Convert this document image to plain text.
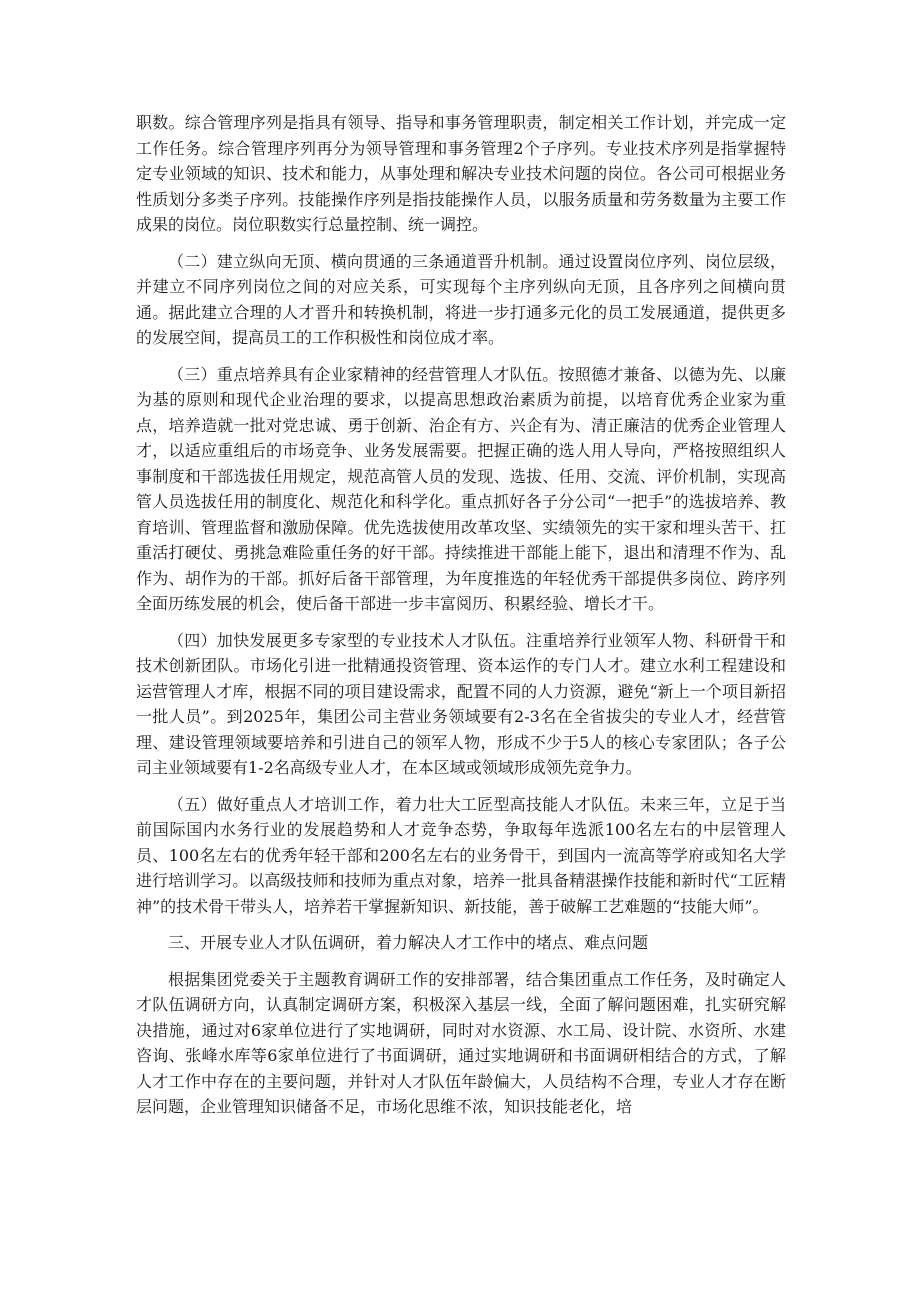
职数。综合管理序列是指具有领导、指导和事务管理职责，制定相关工作计划，并完成一定工作任务。综合管理序列再分为领导管理和事务管理2个子序列。专业技术序列是指掌握特定专业领域的知识、技术和能力，从事处理和解决专业技术问题的岗位。各公司可根据业务性质划分多类子序列。技能操作序列是指技能操作人员，以服务质量和劳务数量为主要工作成果的岗位。岗位职数实行总量控制、统一调控。

（二）建立纵向无顶、横向贯通的三条通道晋升机制。通过设置岗位序列、岗位层级，并建立不同序列岗位之间的对应关系，可实现每个主序列纵向无顶，且各序列之间横向贯通。据此建立合理的人才晋升和转换机制，将进一步打通多元化的员工发展通道，提供更多的发展空间，提高员工的工作积极性和岗位成才率。

（三）重点培养具有企业家精神的经营管理人才队伍。按照德才兼备、以德为先、以廉为基的原则和现代企业治理的要求，以提高思想政治素质为前提，以培育优秀企业家为重点，培养造就一批对党忠诚、勇于创新、治企有方、兴企有为、清正廉洁的优秀企业管理人才，以适应重组后的市场竞争、业务发展需要。把握正确的选人用人导向，严格按照组织人事制度和干部选拔任用规定，规范高管人员的发现、选拔、任用、交流、评价机制，实现高管人员选拔任用的制度化、规范化和科学化。重点抓好各子分公司“一把手”的选拔培养、教育培训、管理监督和激励保障。优先选拔使用改革攻坚、实绩领先的实干家和埋头苦干、扛重活打硬仗、勇挑急难险重任务的好干部。持续推进干部能上能下，退出和清理不作为、乱作为、胡作为的干部。抓好后备干部管理，为年度推选的年轻优秀干部提供多岗位、跨序列全面历练发展的机会，使后备干部进一步丰富阅历、积累经验、增长才干。

（四）加快发展更多专家型的专业技术人才队伍。注重培养行业领军人物、科研骨干和技术创新团队。市场化引进一批精通投资管理、资本运作的专门人才。建立水利工程建设和运营管理人才库，根据不同的项目建设需求，配置不同的人力资源，避免“新上一个项目新招一批人员”。到2025年，集团公司主营业务领域要有2-3名在全省拔尖的专业人才，经营管理、建设管理领域要培养和引进自己的领军人物，形成不少于5人的核心专家团队；各子公司主业领域要有1-2名高级专业人才，在本区域或领域形成领先竞争力。

（五）做好重点人才培训工作，着力壮大工匠型高技能人才队伍。未来三年，立足于当前国际国内水务行业的发展趋势和人才竞争态势，争取每年选派100名左右的中层管理人员、100名左右的优秀年轻干部和200名左右的业务骨干，到国内一流高等学府或知名大学进行培训学习。以高级技师和技师为重点对象，培养一批具备精湛操作技能和新时代“工匠精神”的技术骨干带头人，培养若干掌握新知识、新技能，善于破解工艺难题的“技能大师”。

三、开展专业人才队伍调研，着力解决人才工作中的堵点、难点问题

根据集团党委关于主题教育调研工作的安排部署，结合集团重点工作任务，及时确定人才队伍调研方向，认真制定调研方案，积极深入基层一线，全面了解问题困难，扎实研究解决措施，通过对6家单位进行了实地调研，同时对水资源、水工局、设计院、水资所、水建咨询、张峰水库等6家单位进行了书面调研，通过实地调研和书面调研相结合的方式，了解人才工作中存在的主要问题，并针对人才队伍年龄偏大，人员结构不合理，专业人才存在断层问题，企业管理知识储备不足，市场化思维不浓，知识技能老化，培
